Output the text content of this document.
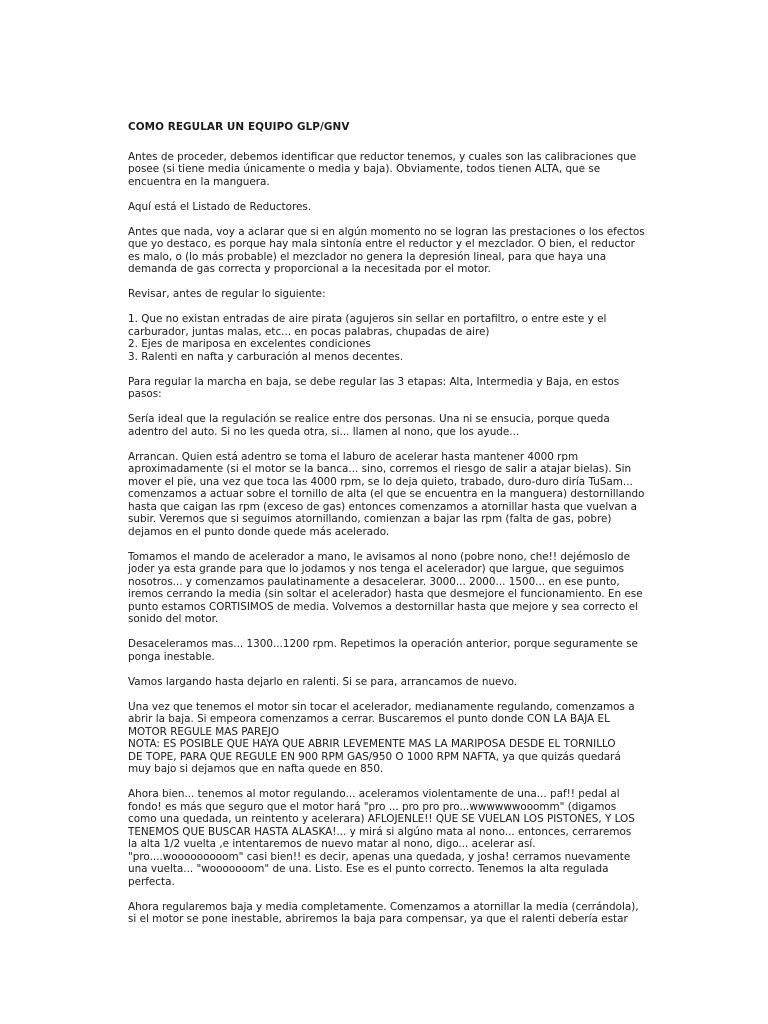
COMO REGULAR UN EQUIPO GLP/GNV
Antes de proceder, debemos identificar que reductor tenemos, y cuales son las calibraciones que
posee (si tiene media únicamente o media y baja). Obviamente, todos tienen ALTA, que se
encuentra en la manguera.
Aquí está el Listado de Reductores.
Antes que nada, voy a aclarar que si en algún momento no se logran las prestaciones o los efectos
que yo destaco, es porque hay mala sintonía entre el reductor y el mezclador. O bien, el reductor
es malo, o (lo más probable) el mezclador no genera la depresión lineal, para que haya una
demanda de gas correcta y proporcional a la necesitada por el motor.
Revisar, antes de regular lo siguiente:
1. Que no existan entradas de aire pirata (agujeros sin sellar en portafiltro, o entre este y el
carburador, juntas malas, etc... en pocas palabras, chupadas de aire)
2. Ejes de mariposa en excelentes condiciones
3. Ralenti en nafta y carburación al menos decentes.
Para regular la marcha en baja, se debe regular las 3 etapas: Alta, Intermedia y Baja, en estos
pasos:
Sería ideal que la regulación se realice entre dos personas. Una ni se ensucia, porque queda
adentro del auto. Si no les queda otra, si... llamen al nono, que los ayude...
Arrancan. Quien está adentro se toma el laburo de acelerar hasta mantener 4000 rpm
aproximadamente (si el motor se la banca... sino, corremos el riesgo de salir a atajar bielas). Sin
mover el pie, una vez que toca las 4000 rpm, se lo deja quieto, trabado, duro-duro diría TuSam...
comenzamos a actuar sobre el tornillo de alta (el que se encuentra en la manguera) destornillando
hasta que caigan las rpm (exceso de gas) entonces comenzamos a atornillar hasta que vuelvan a
subir. Veremos que si seguimos atornillando, comienzan a bajar las rpm (falta de gas, pobre)
dejamos en el punto donde quede más acelerado.
Tomamos el mando de acelerador a mano, le avisamos al nono (pobre nono, che!! dejémoslo de
joder ya esta grande para que lo jodamos y nos tenga el acelerador) que largue, que seguimos
nosotros... y comenzamos paulatinamente a desacelerar. 3000... 2000... 1500... en ese punto,
iremos cerrando la media (sin soltar el acelerador) hasta que desmejore el funcionamiento. En ese
punto estamos CORTISIMOS de media. Volvemos a destornillar hasta que mejore y sea correcto el
sonido del motor.
Desaceleramos mas... 1300...1200 rpm. Repetimos la operación anterior, porque seguramente se
ponga inestable.
Vamos largando hasta dejarlo en ralenti. Si se para, arrancamos de nuevo.
Una vez que tenemos el motor sin tocar el acelerador, medianamente regulando, comenzamos a
abrir la baja. Si empeora comenzamos a cerrar. Buscaremos el punto donde CON LA BAJA EL
MOTOR REGULE MAS PAREJO
NOTA: ES POSIBLE QUE HAYA QUE ABRIR LEVEMENTE MAS LA MARIPOSA DESDE EL TORNILLO
DE TOPE, PARA QUE REGULE EN 900 RPM GAS/950 O 1000 RPM NAFTA, ya que quizás quedará
muy bajo si dejamos que en nafta quede en 850.
Ahora bien... tenemos al motor regulando... aceleramos violentamente de una... paf!! pedal al
fondo! es más que seguro que el motor hará "pro ... pro pro pro...wwwwwwooomm" (digamos
como una quedada, un reintento y acelerara) AFLOJENLE!! QUE SE VUELAN LOS PISTONES, Y LOS
TENEMOS QUE BUSCAR HASTA ALASKA!... y mirá si algúno mata al nono... entonces, cerraremos
la alta 1/2 vuelta ,e intentaremos de nuevo matar al nono, digo... acelerar así.
"pro....wooooooooom" casi bien!! es decir, apenas una quedada, y josha! cerramos nuevamente
una vuelta... "wooooooom" de una. Listo. Ese es el punto correcto. Tenemos la alta regulada
perfecta.
Ahora regularemos baja y media completamente. Comenzamos a atornillar la media (cerrándola),
si el motor se pone inestable, abriremos la baja para compensar, ya que el ralenti debería estar
